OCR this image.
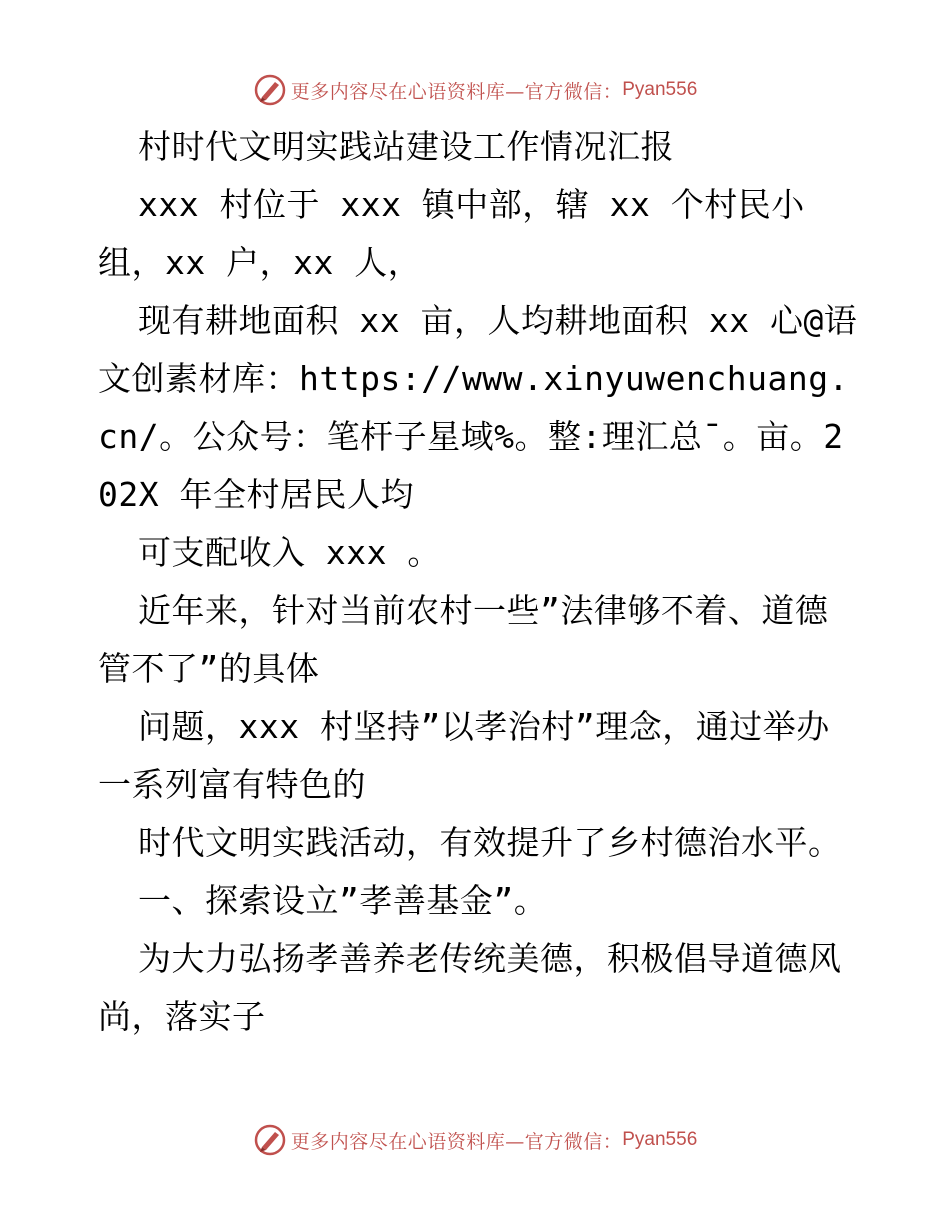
更多内容尽在心语资料库—官方微信： Pyan556

村时代文明实践站建设工作情况汇报

xxx 村位于 xxx 镇中部，辖 xx 个村民小组，xx 户，xx 人，

现有耕地面积 xx 亩，人均耕地面积 xx 心@语文创素材库：https://www.xinyuwenchuang.cn/。公众号：笔杆子星域%。整:理汇总¯。亩。202X 年全村居民人均

可支配收入 xxx 。

近年来，针对当前农村一些”法律够不着、道德管不了”的具体

问题，xxx 村坚持”以孝治村”理念，通过举办一系列富有特色的

时代文明实践活动，有效提升了乡村德治水平。

一、探索设立”孝善基金”。

为大力弘扬孝善养老传统美德，积极倡导道德风尚，落实子

更多内容尽在心语资料库—官方微信： Pyan556
